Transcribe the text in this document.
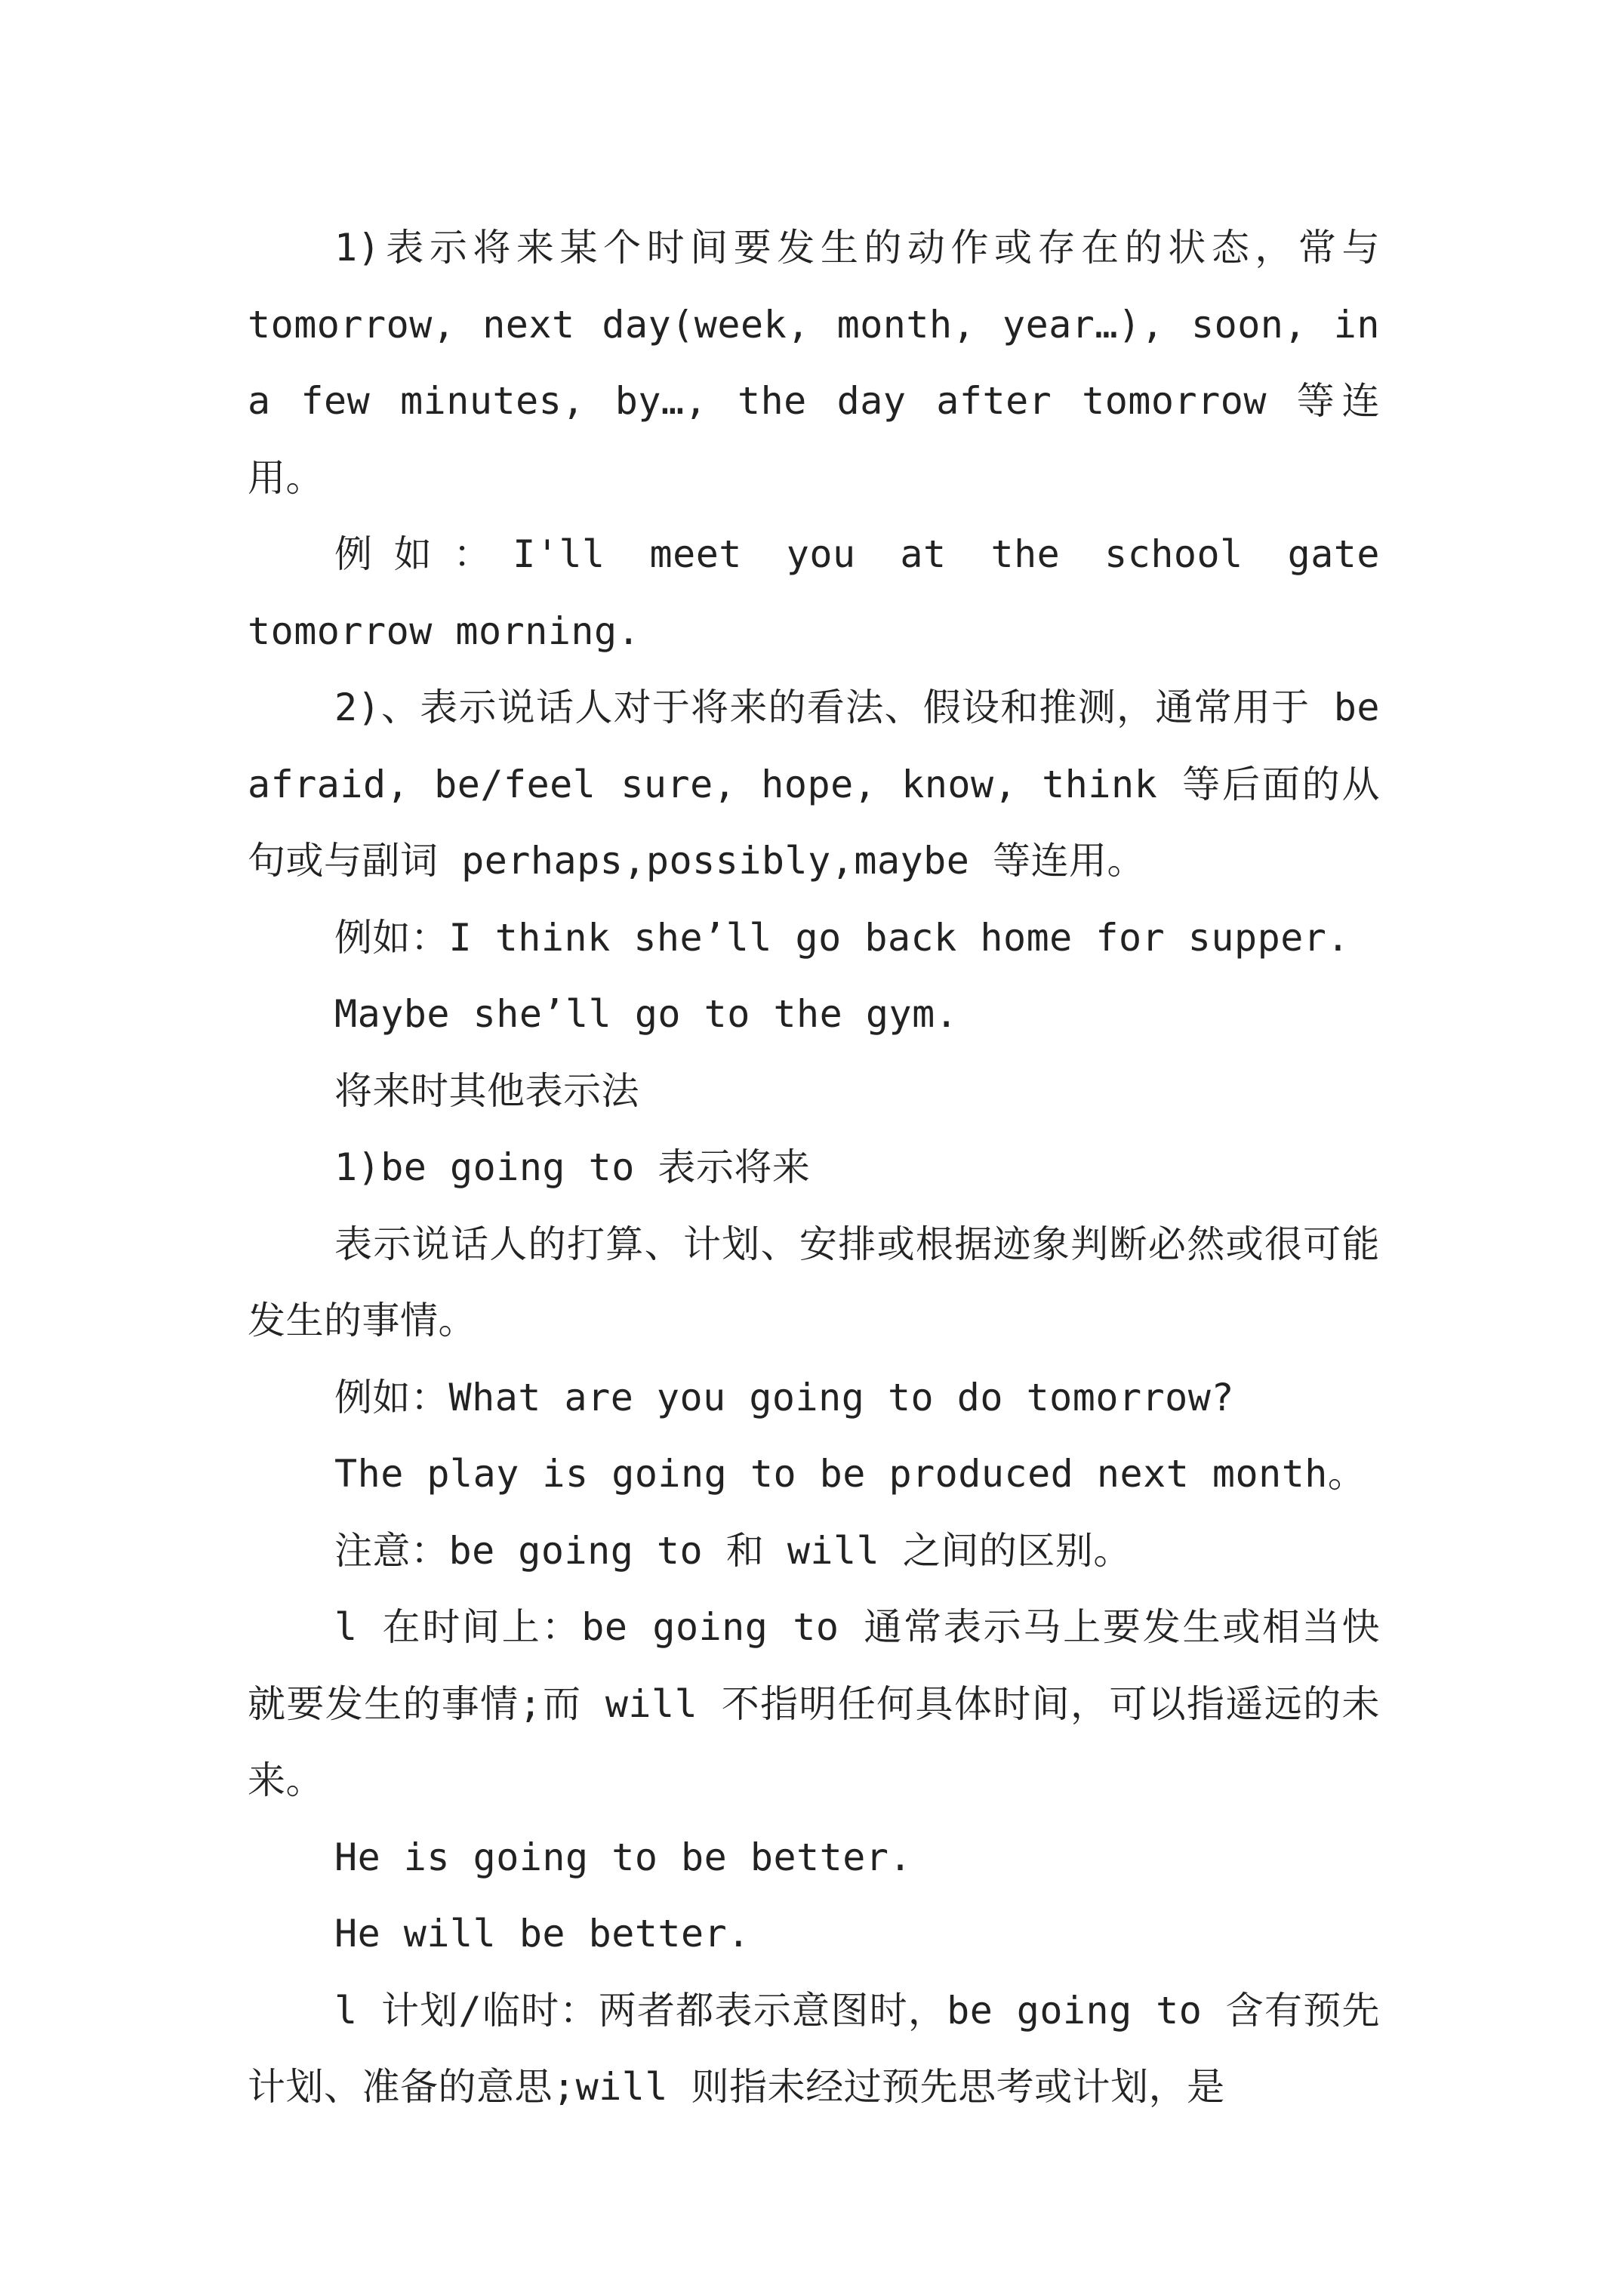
1)表示将来某个时间要发生的动作或存在的状态，常与 tomorrow, next day(week, month, year…), soon, in a few minutes, by…, the day after tomorrow 等连用。

例如：I'll meet you at the school gate tomorrow morning.

2)、表示说话人对于将来的看法、假设和推测，通常用于 be afraid, be/feel sure, hope, know, think 等后面的从句或与副词 perhaps,possibly,maybe 等连用。

例如：I think she’ll go back home for supper.

Maybe she’ll go to the gym.

将来时其他表示法

1)be going to 表示将来

表示说话人的打算、计划、安排或根据迹象判断必然或很可能发生的事情。

例如：What are you going to do tomorrow?

The play is going to be produced next month。

注意：be going to 和 will 之间的区别。

l 在时间上：be going to 通常表示马上要发生或相当快就要发生的事情;而 will 不指明任何具体时间，可以指遥远的未来。

He is going to be better.

He will be better.

l 计划/临时：两者都表示意图时，be going to 含有预先计划、准备的意思;will 则指未经过预先思考或计划，是
